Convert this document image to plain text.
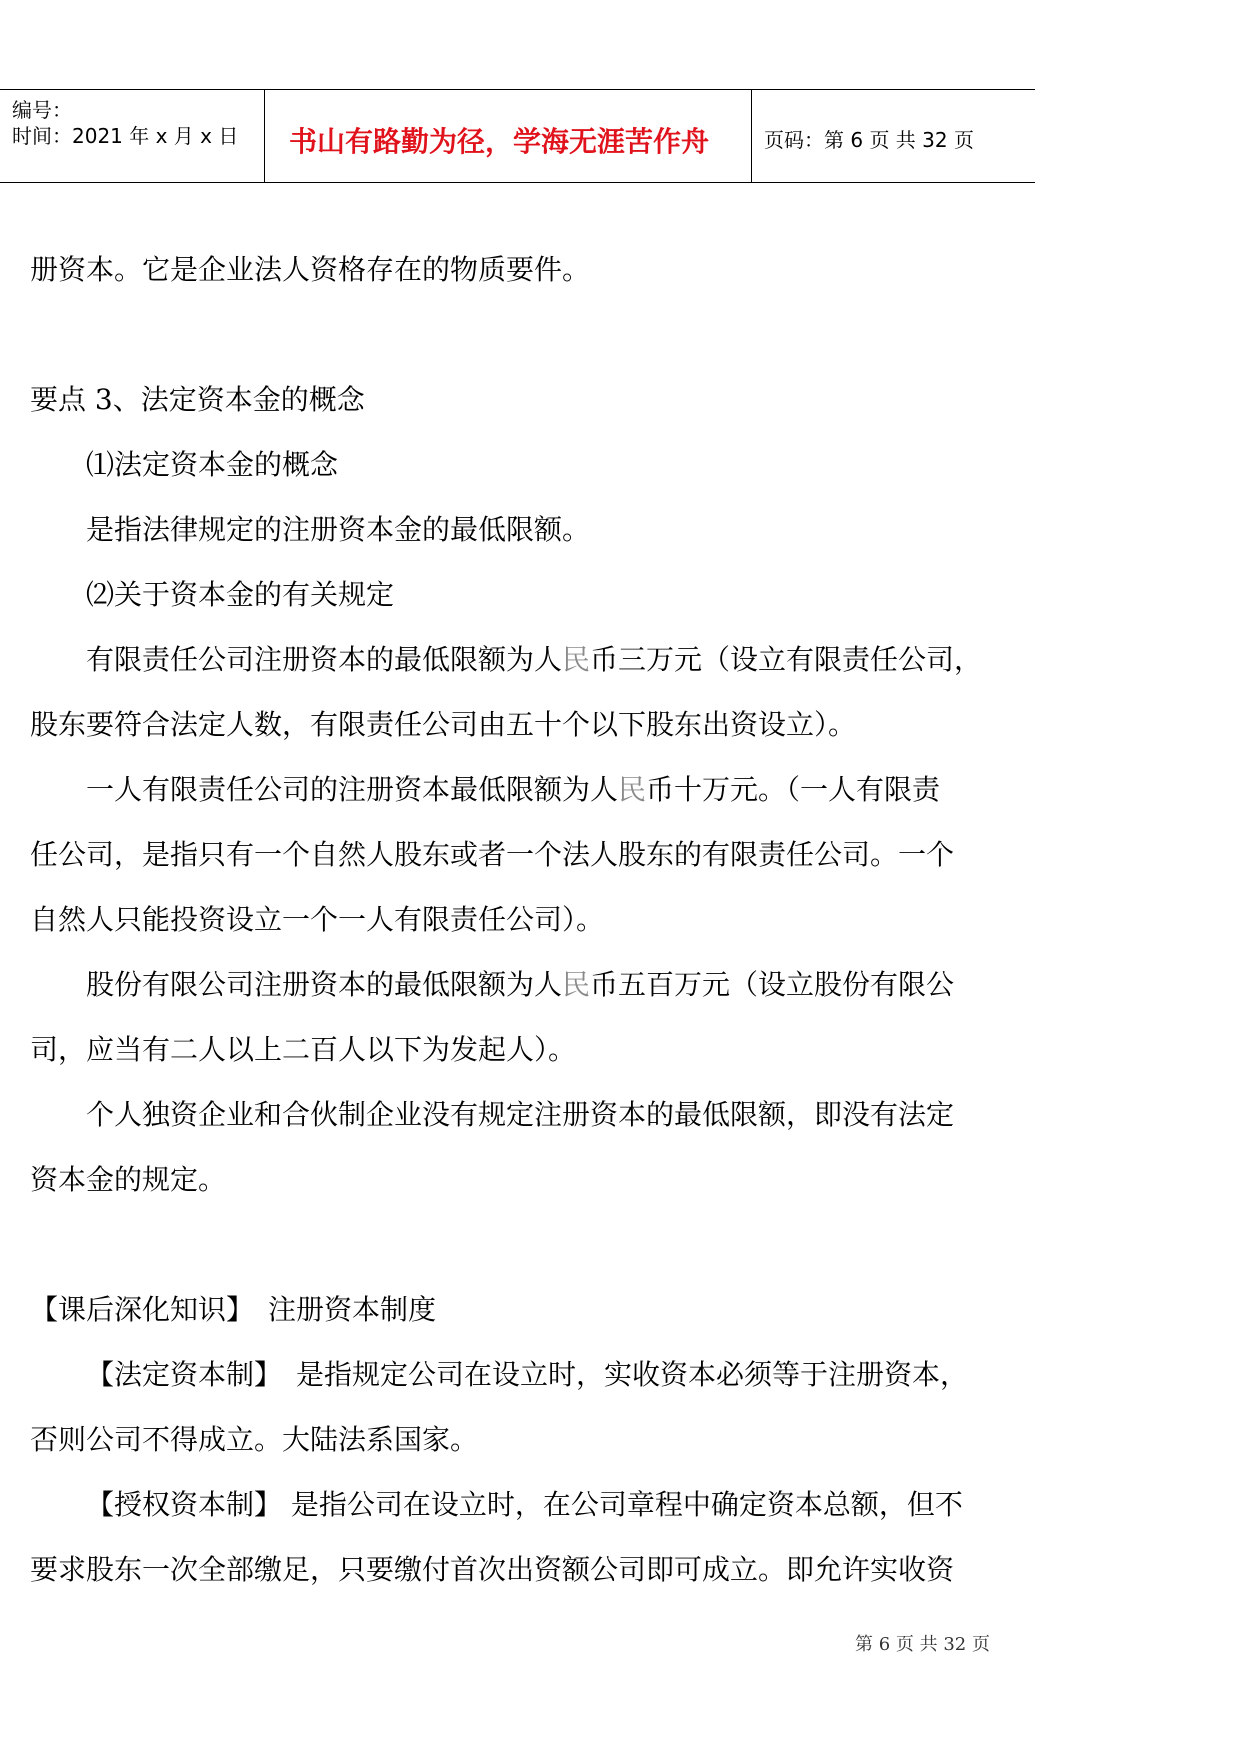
编号：
时间：2021 年 x 月 x 日 书山有路勤为径，学海无涯苦作舟	页码：第 6 页 共 32 页
册资本。它是企业法人资格存在的物质要件。
要点 3、法定资本金的概念
⑴法定资本金的概念
是指法律规定的注册资本金的最低限额。
⑵关于资本金的有关规定
有限责任公司注册资本的最低限额为人民币三万元（设立有限责任公司，
股东要符合法定人数，有限责任公司由五十个以下股东出资设立）。
一人有限责任公司的注册资本最低限额为人民币十万元。（一人有限责
任公司，是指只有一个自然人股东或者一个法人股东的有限责任公司。一个
自然人只能投资设立一个一人有限责任公司）。
股份有限公司注册资本的最低限额为人民币五百万元（设立股份有限公
司，应当有二人以上二百人以下为发起人）。
个人独资企业和合伙制企业没有规定注册资本的最低限额，即没有法定
资本金的规定。
【课后深化知识】　注册资本制度
【法定资本制】　是指规定公司在设立时，实收资本必须等于注册资本，
否则公司不得成立。大陆法系国家。
【授权资本制】 是指公司在设立时，在公司章程中确定资本总额，但不
要求股东一次全部缴足，只要缴付首次出资额公司即可成立。即允许实收资
第 6 页 共 32 页
